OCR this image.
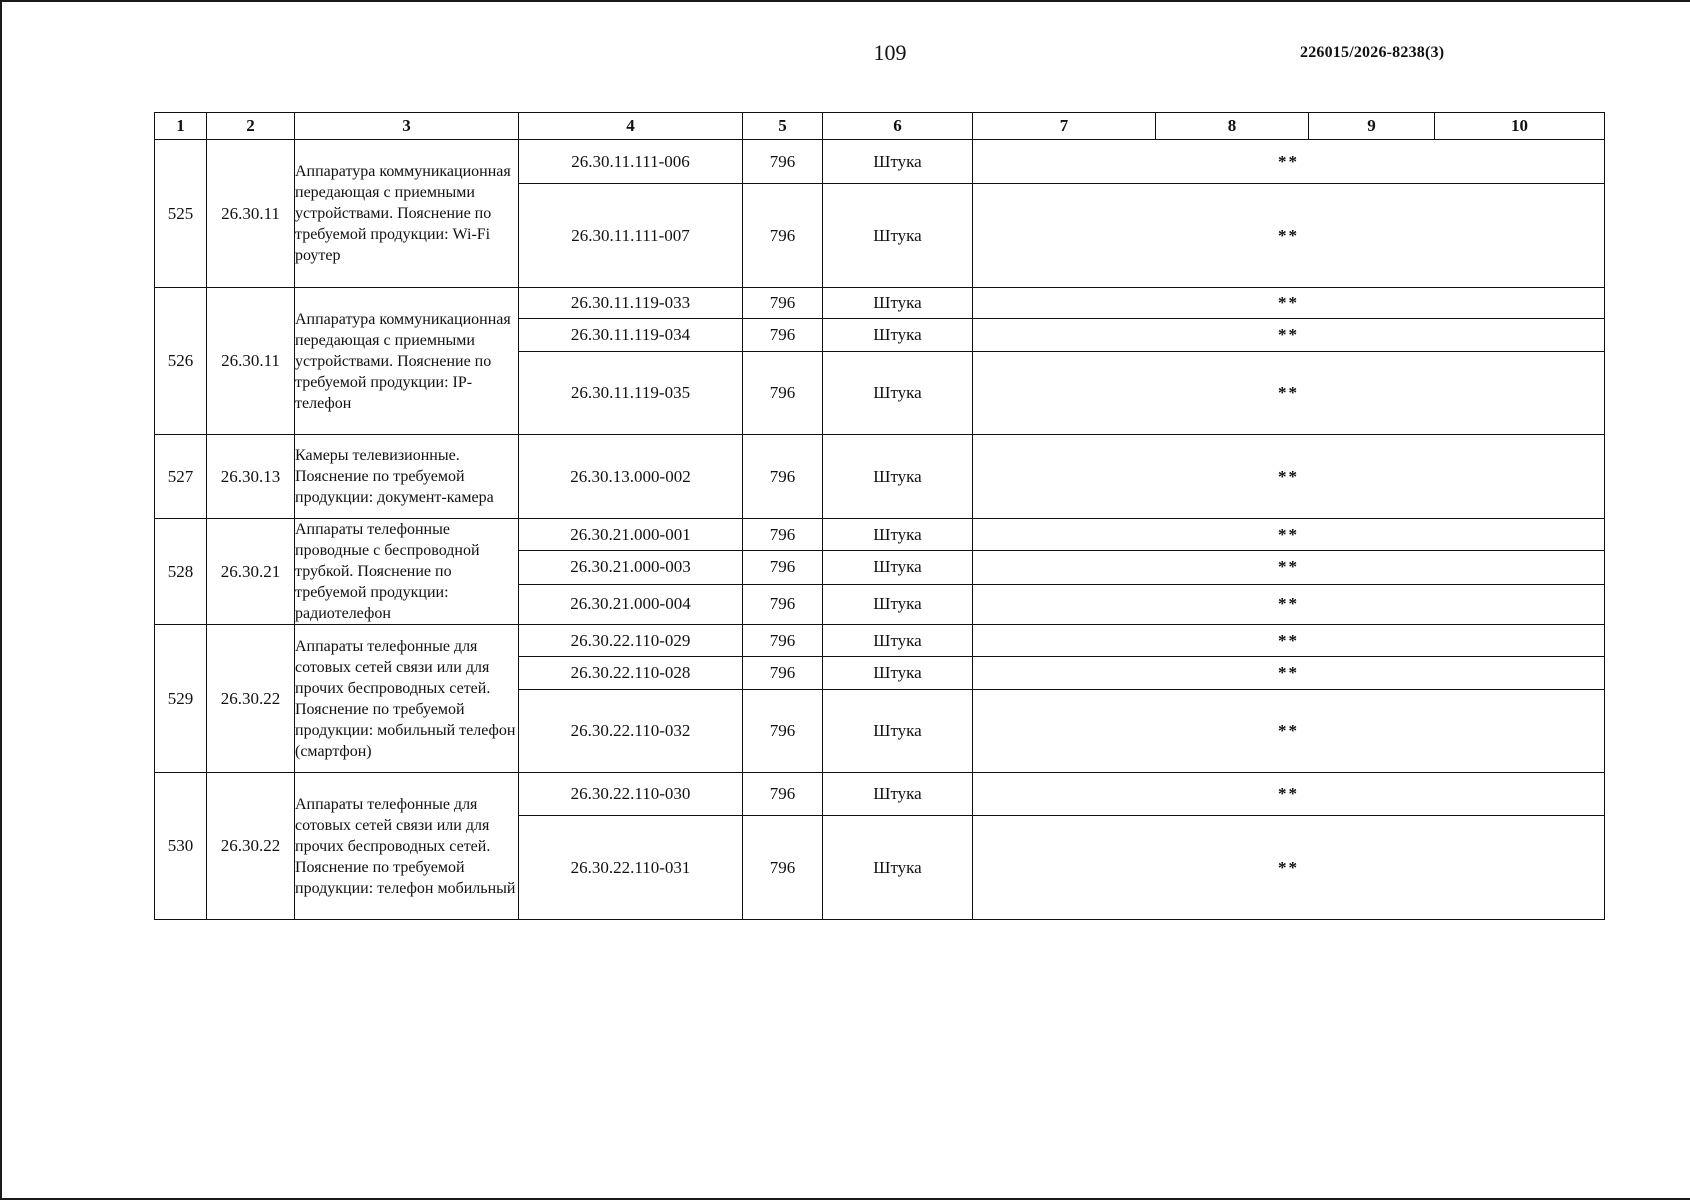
109	226015/2026-8238(3)
1	2	3	4	5	6	7	8	9	10
525	26.30.11	Аппаратура коммуникационная передающая с приемными устройствами. Пояснение по требуемой продукции: Wi-Fi роутер	26.30.11.111-006	796	Штука	**			
			26.30.11.111-007	796	Штука	**			
526	26.30.11	Аппаратура коммуникационная передающая с приемными устройствами. Пояснение по требуемой продукции: IP-телефон	26.30.11.119-033	796	Штука	**			
			26.30.11.119-034	796	Штука	**			
			26.30.11.119-035	796	Штука	**			
527	26.30.13	Камеры телевизионные. Пояснение по требуемой продукции: документ-камера	26.30.13.000-002	796	Штука	**			
528	26.30.21	Аппараты телефонные проводные с беспроводной трубкой. Пояснение по требуемой продукции: радиотелефон	26.30.21.000-001	796	Штука	**			
			26.30.21.000-003	796	Штука	**			
			26.30.21.000-004	796	Штука	**			
529	26.30.22	Аппараты телефонные для сотовых сетей связи или для прочих беспроводных сетей. Пояснение по требуемой продукции: мобильный телефон (смартфон)	26.30.22.110-029	796	Штука	**			
			26.30.22.110-028	796	Штука	**			
			26.30.22.110-032	796	Штука	**			
530	26.30.22	Аппараты телефонные для сотовых сетей связи или для прочих беспроводных сетей. Пояснение по требуемой продукции: телефон мобильный	26.30.22.110-030	796	Штука	**			
			26.30.22.110-031	796	Штука	**			
